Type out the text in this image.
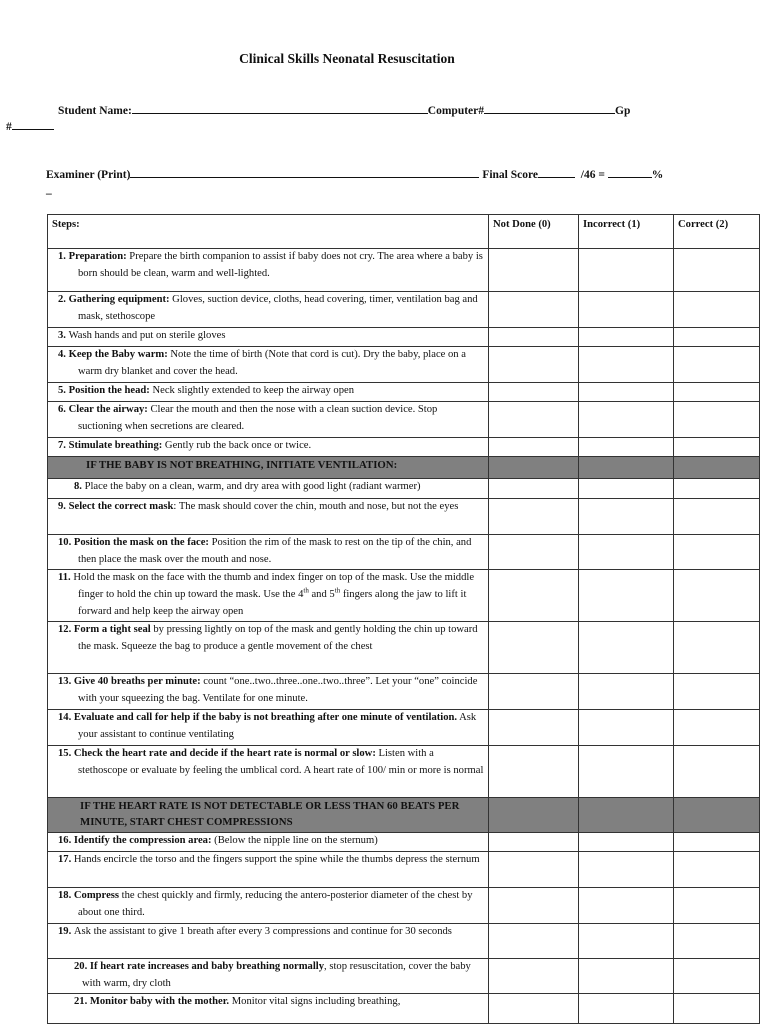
Clinical Skills Neonatal Resuscitation
Student Name:	Computer#	Gp
#
Examiner (Print)	Final Score	/46 =	%
_
Steps:	Not Done (0)	Incorrect (1)	Correct (2)

1. Preparation: Prepare the birth companion to assist if baby does not cry. The area where a baby is born should be clean, warm and well-lighted.			

2. Gathering equipment: Gloves, suction device, cloths, head covering, timer, ventilation bag and mask, stethoscope			

3. Wash hands and put on sterile gloves			

4. Keep the Baby warm: Note the time of birth (Note that cord is cut). Dry the baby, place on a warm dry blanket and cover the head.			

5. Position the head: Neck slightly extended to keep the airway open			

6. Clear the airway: Clear the mouth and then the nose with a clean suction device. Stop suctioning when secretions are cleared.			

7. Stimulate breathing: Gently rub the back once or twice.			

IF THE BABY IS NOT BREATHING, INITIATE VENTILATION:			

8. Place the baby on a clean, warm, and dry area with good light (radiant warmer)			

9. Select the correct mask: The mask should cover the chin, mouth and nose, but not the eyes			

10. Position the mask on the face: Position the rim of the mask to rest on the tip of the chin, and then place the mask over the mouth and nose.			

11. Hold the mask on the face with the thumb and index finger on top of the mask. Use the middle finger to hold the chin up toward the mask. Use the 4th and 5th fingers along the jaw to lift it forward and help keep the airway open			

12. Form a tight seal by pressing lightly on top of the mask and gently holding the chin up toward the mask. Squeeze the bag to produce a gentle movement of the chest			

13. Give 40 breaths per minute: count “one..two..three..one..two..three”. Let your “one” coincide with your squeezing the bag. Ventilate for one minute.			

14. Evaluate and call for help if the baby is not breathing after one minute of ventilation. Ask your assistant to continue ventilating			

15. Check the heart rate and decide if the heart rate is normal or slow: Listen with a stethoscope or evaluate by feeling the umblical cord. A heart rate of 100/ min or more is normal			

IF THE HEART RATE IS NOT DETECTABLE OR LESS THAN 60 BEATS PER MINUTE, START CHEST COMPRESSIONS			

16. Identify the compression area: (Below the nipple line on the sternum)			

17. Hands encircle the torso and the fingers support the spine while the thumbs depress the sternum			

18. Compress the chest quickly and firmly, reducing the antero-posterior diameter of the chest by about one third.			

19. Ask the assistant to give 1 breath after every 3 compressions and continue for 30 seconds			

20. If heart rate increases and baby breathing normally, stop resuscitation, cover the baby with warm, dry cloth			

21. Monitor baby with the mother. Monitor vital signs including breathing,			
